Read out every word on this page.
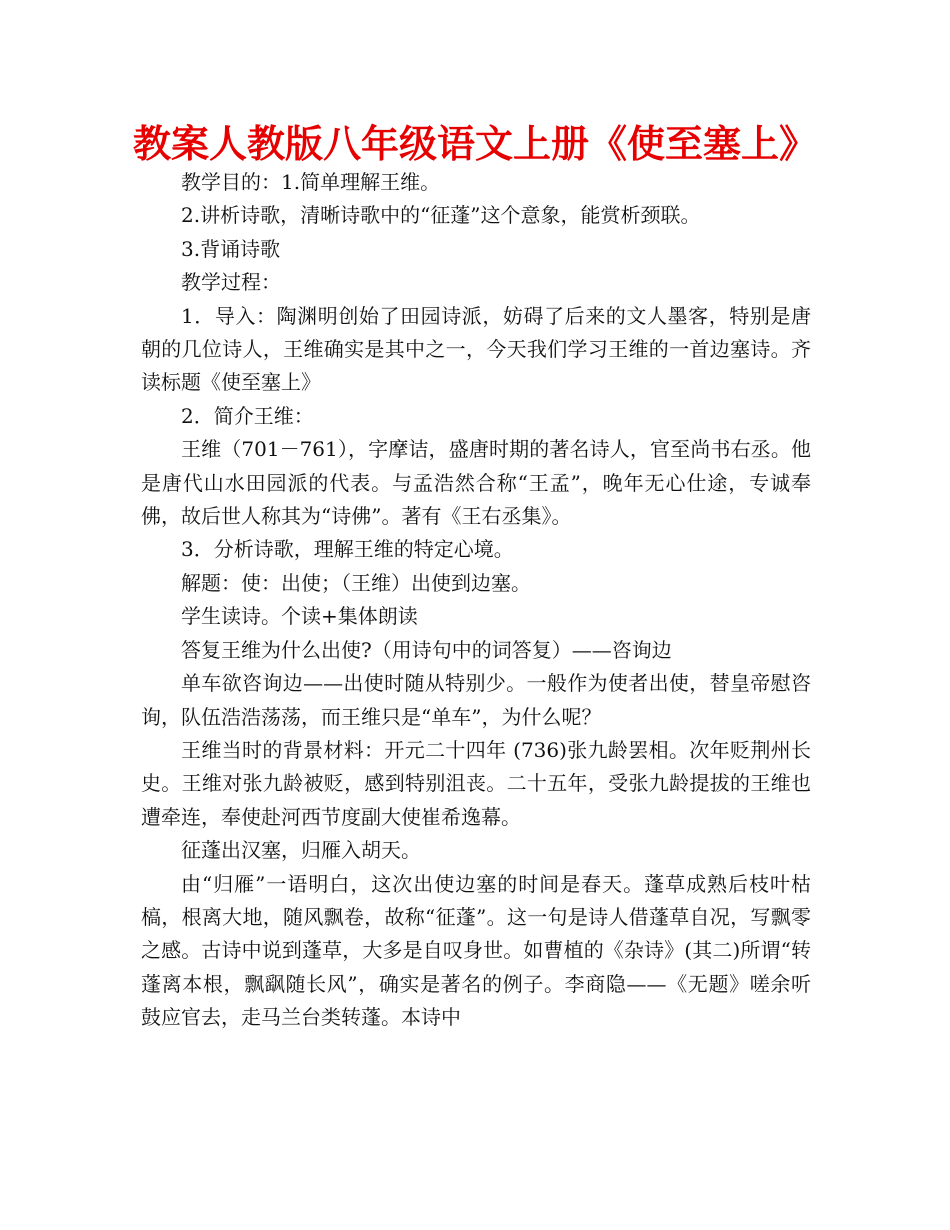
教案人教版八年级语文上册《使至塞上》

教学目的：1.简单理解王维。

2.讲析诗歌，清晰诗歌中的“征蓬”这个意象，能赏析颈联。

3.背诵诗歌

教学过程：

1．导入：陶渊明创始了田园诗派，妨碍了后来的文人墨客，特别是唐朝的几位诗人，王维确实是其中之一，今天我们学习王维的一首边塞诗。齐读标题《使至塞上》

2．简介王维：

王维（701－761），字摩诘，盛唐时期的著名诗人，官至尚书右丞。他是唐代山水田园派的代表。与孟浩然合称“王孟”，晚年无心仕途，专诚奉佛，故后世人称其为“诗佛”。著有《王右丞集》。

3．分析诗歌，理解王维的特定心境。

解题：使：出使；（王维）出使到边塞。

学生读诗。个读+集体朗读

答复王维为什么出使?（用诗句中的词答复）——咨询边

单车欲咨询边——出使时随从特别少。一般作为使者出使，替皇帝慰咨询，队伍浩浩荡荡，而王维只是“单车”，为什么呢？

王维当时的背景材料：开元二十四年 (736)张九龄罢相。次年贬荆州长史。王维对张九龄被贬，感到特别沮丧。二十五年，受张九龄提拔的王维也遭牵连，奉使赴河西节度副大使崔希逸幕。

征蓬出汉塞，归雁入胡天。

由“归雁”一语明白，这次出使边塞的时间是春天。蓬草成熟后枝叶枯槁，根离大地，随风飘卷，故称“征蓬”。这一句是诗人借蓬草自况，写飘零之感。古诗中说到蓬草，大多是自叹身世。如曹植的《杂诗》(其二)所谓“转蓬离本根，飘飖随长风”，确实是著名的例子。李商隐——《无题》嗟余听鼓应官去，走马兰台类转蓬。本诗中
